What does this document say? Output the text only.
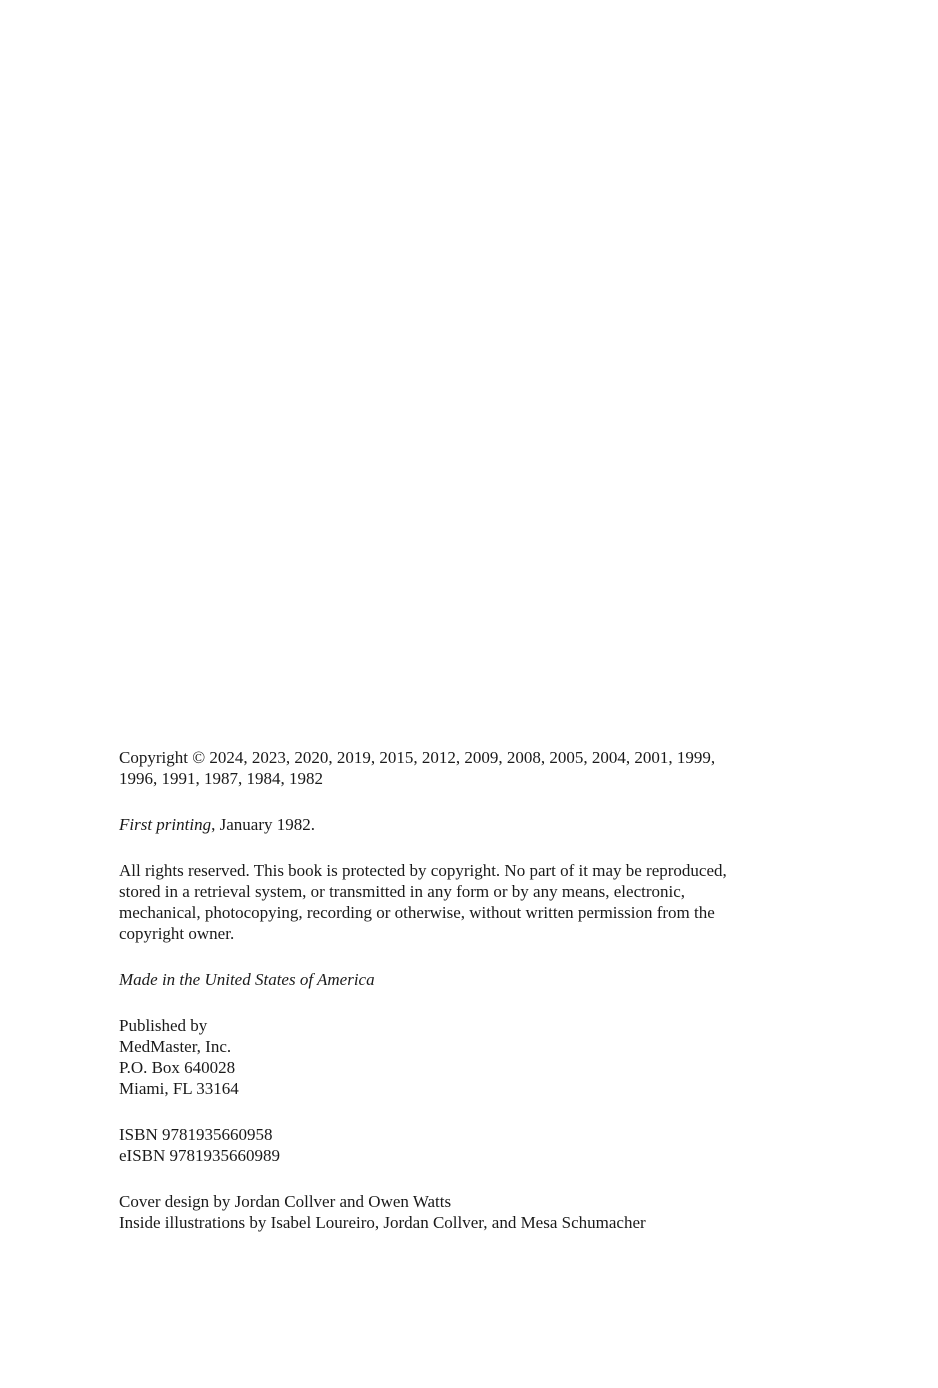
Copyright © 2024, 2023, 2020, 2019, 2015, 2012, 2009, 2008, 2005, 2004, 2001, 1999,
1996, 1991, 1987, 1984, 1982
First printing, January 1982.
All rights reserved. This book is protected by copyright. No part of it may be reproduced,
stored in a retrieval system, or transmitted in any form or by any means, electronic,
mechanical, photocopying, recording or otherwise, without written permission from the
copyright owner.
Made in the United States of America
Published by
MedMaster, Inc.
P.O. Box 640028
Miami, FL 33164
ISBN 9781935660958
eISBN 9781935660989
Cover design by Jordan Collver and Owen Watts
Inside illustrations by Isabel Loureiro, Jordan Collver, and Mesa Schumacher
